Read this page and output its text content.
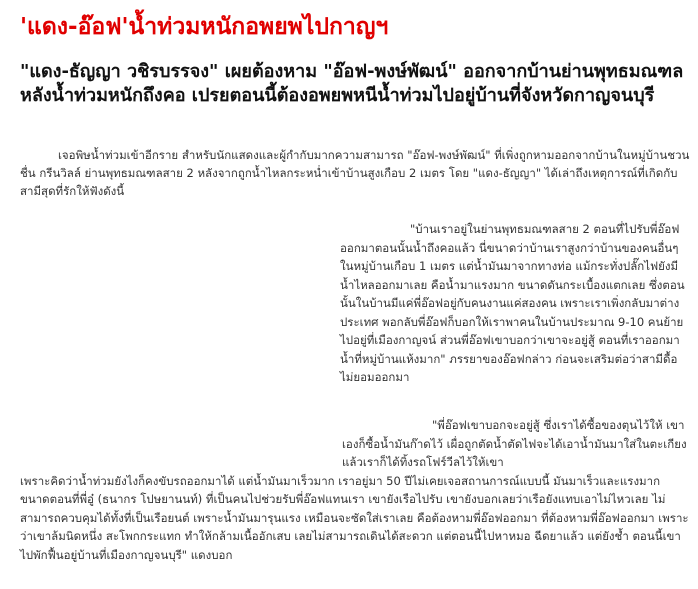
'แดง-อ๊อฟ'น้ำท่วมหนักอพยพไปกาญฯ
"แดง-ธัญญา วชิรบรรจง" เผยต้องหาม "อ๊อฟ-พงษ์พัฒน์" ออกจากบ้านย่านพุทธมณฑล หลังน้ำท่วมหนักถึงคอ เปรยตอนนี้ต้องอพยพหนีน้ำท่วมไปอยู่บ้านที่จังหวัดกาญจนบุรี

เจอพิษน้ำท่วมเข้าอีกราย สำหรับนักแสดงและผู้กำกับมากความสามารถ "อ๊อฟ-พงษ์พัฒน์" ที่เพิ่งถูกหามออกจากบ้านในหมู่บ้านชวนชื่น กรีนวิลล์ ย่านพุทธมณฑลสาย 2 หลังจากถูกน้ำไหลกระหน่ำเข้าบ้านสูงเกือบ 2 เมตร โดย "แดง-ธัญญา" ได้เล่าถึงเหตุการณ์ที่เกิดกับสามีสุดที่รักให้ฟังดังนี้

"บ้านเราอยู่ในย่านพุทธมณฑลสาย 2 ตอนที่ไปรับพี่อ๊อฟออกมาตอนนั้นน้ำถึงคอแล้ว นี่ขนาดว่าบ้านเราสูงกว่าบ้านของคนอื่นๆ ในหมู่บ้านเกือบ 1 เมตร แต่น้ำมันมาจากทางท่อ แม้กระทั่งปลั๊กไฟยังมีน้ำไหลออกมาเลย คือน้ำมาแรงมาก ขนาดดันกระเบื้องแตกเลย ซึ่งตอนนั้นในบ้านมีแค่พี่อ๊อฟอยู่กับคนงานแค่สองคน เพราะเราเพิ่งกลับมาต่างประเทศ พอกลับพี่อ๊อฟก็บอกให้เราพาคนในบ้านประมาณ 9-10 คนย้ายไปอยู่ที่เมืองกาญจน์ ส่วนพี่อ๊อฟเขาบอกว่าเขาจะอยู่สู้ ตอนที่เราออกมา น้ำที่หมู่บ้านแห้งมาก" ภรรยาของอ๊อฟกล่าว ก่อนจะเสริมต่อว่าสามีดื้อไม่ยอมออกมา

"พี่อ๊อฟเขาบอกจะอยู่สู้ ซึ่งเราได้ซื้อของตุนไว้ให้ เขาเองก็ซื้อน้ำมันก๊าดไว้ เผื่อถูกตัดน้ำตัดไฟจะได้เอาน้ำมันมาใส่ในตะเกียง แล้วเราก็ได้ทิ้งรถโฟร์วีลไว้ให้เขา
เพราะคิดว่าน้ำท่วมยังไงก็คงขับรถออกมาได้ แต่น้ำมันมาเร็วมาก เราอยู่มา 50 ปีไม่เคยเจอสถานการณ์แบบนี้ มันมาเร็วและแรงมาก ขนาดตอนที่พี่อู๋ (ธนากร โปษยานนท์) ที่เป็นคนไปช่วยรับพี่อ๊อฟแทนเรา เขายังเรือไปรับ เขายังบอกเลยว่าเรือยังแทบเอาไม่ไหวเลย ไม่สามารถควบคุมได้ทั้งที่เป็นเรือยนต์ เพราะน้ำมันมารุนแรง เหมือนจะซัดใส่เราเลย คือต้องหามพี่อ๊อฟออกมา ที่ต้องหามพี่อ๊อฟออกมา เพราะว่าเขาล้มนิดหนึ่ง สะโพกกระแทก ทำให้กล้ามเนื้ออักเสบ เลยไม่สามารถเดินได้สะดวก แต่ตอนนี้ไปหาหมอ ฉีดยาแล้ว แต่ยังช้ำ ตอนนี้เขาไปพักฟื้นอยู่บ้านที่เมืองกาญจนบุรี" แดงบอก
